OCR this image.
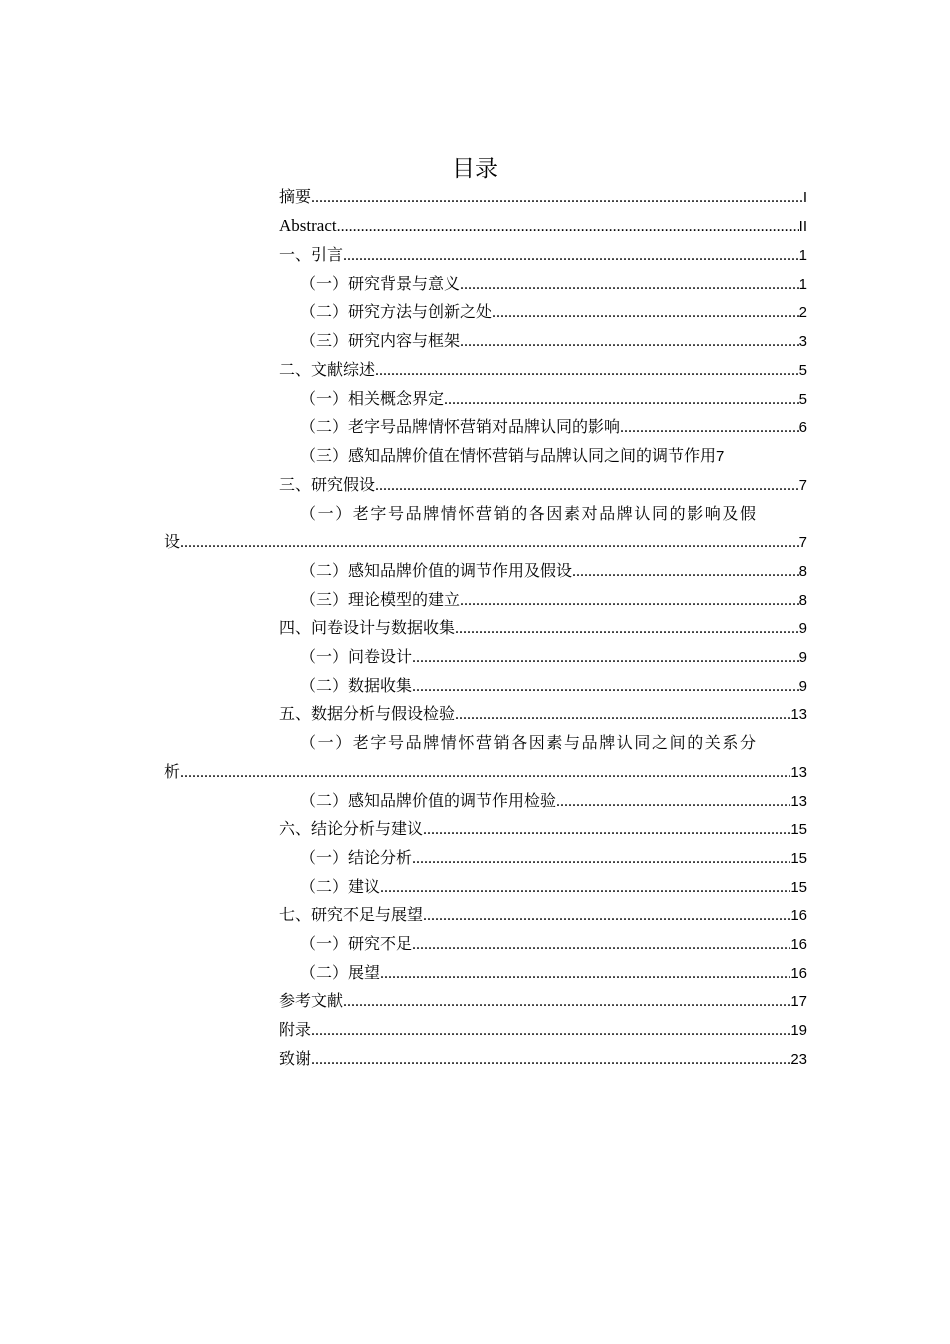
目录
摘要 .....	I
Abstract .....	II
一、引言 .....	1
（一）研究背景与意义 .....	1
（二）研究方法与创新之处 .....	2
（三）研究内容与框架 .....	3
二、文献综述 .....	5
（一）相关概念界定 .....	5
（二）老字号品牌情怀营销对品牌认同的影响 .....	6
（三）感知品牌价值在情怀营销与品牌认同之间的调节作用 7
三、研究假设 .....	7
（一）老字号品牌情怀营销的各因素对品牌认同的影响及假
设 .....	7
（二）感知品牌价值的调节作用及假设 .....	8
（三）理论模型的建立 .....	8
四、问卷设计与数据收集 .....	9
（一）问卷设计 .....	9
（二）数据收集 .....	9
五、数据分析与假设检验 .....	13
（一）老字号品牌情怀营销各因素与品牌认同之间的关系分
析 .....	13
（二）感知品牌价值的调节作用检验 .....	13
六、结论分析与建议 .....	15
（一）结论分析 .....	15
（二）建议 .....	15
七、研究不足与展望 .....	16
（一）研究不足 .....	16
（二）展望 .....	16
参考文献 .....	17
附录 .....	19
致谢 .....	23
